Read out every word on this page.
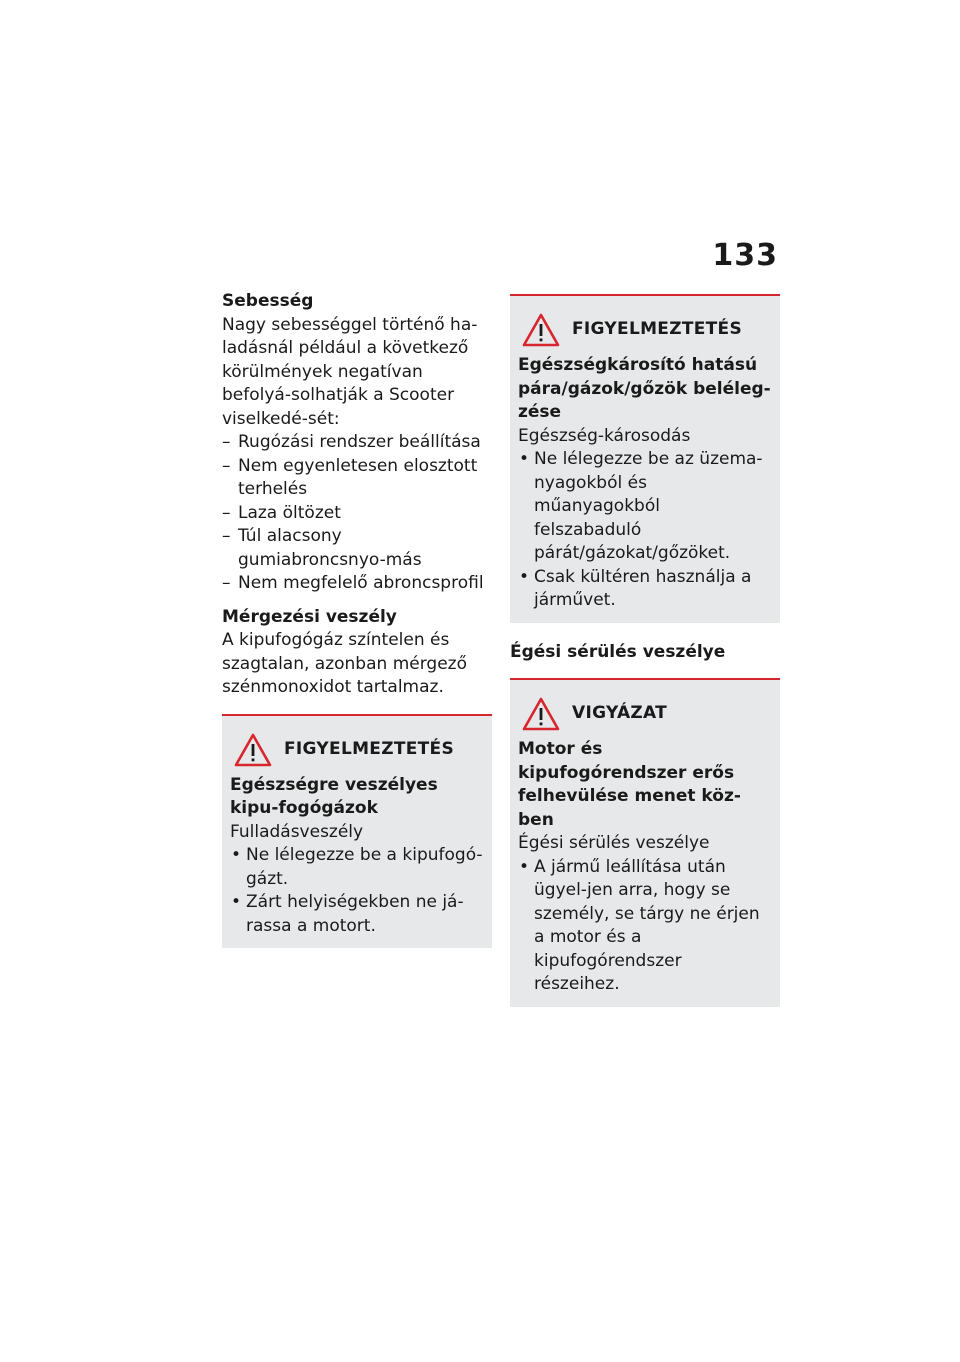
133

Sebesség

Nagy sebességgel történő ha-ladásnál például a következő körülmények negatívan befolyá-solhatják a Scooter viselkedé-sét:

– Rugózási rendszer beállítása
– Nem egyenletesen elosztott terhelés
– Laza öltözet
– Túl alacsony gumiabroncsnyo-más
– Nem megfelelő abroncsprofil

Mérgezési veszély

A kipufogógáz színtelen és szagtalan, azonban mérgező szénmonoxidot tartalmaz.

FIGYELMEZTETÉS

Egészségre veszélyes kipu-fogógázok

Fulladásveszély

• Ne lélegezze be a kipufogó-gázt.
• Zárt helyiségekben ne já-rassa a motort.
FIGYELMEZTETÉS

Egészségkárosító hatású pára/gázok/gőzök beléleg-zése

Egészség-károsodás

• Ne lélegezze be az üzema-nyagokból és műanyagokból felszabaduló párát/gázokat/gőzöket.
• Csak kültéren használja a járművet.

Égési sérülés veszélye

VIGYÁZAT

Motor és kipufogórendszer erős felhevülése menet köz-ben

Égési sérülés veszélye

• A jármű leállítása után ügyel-jen arra, hogy se személy, se tárgy ne érjen a motor és a kipufogórendszer részeihez.
